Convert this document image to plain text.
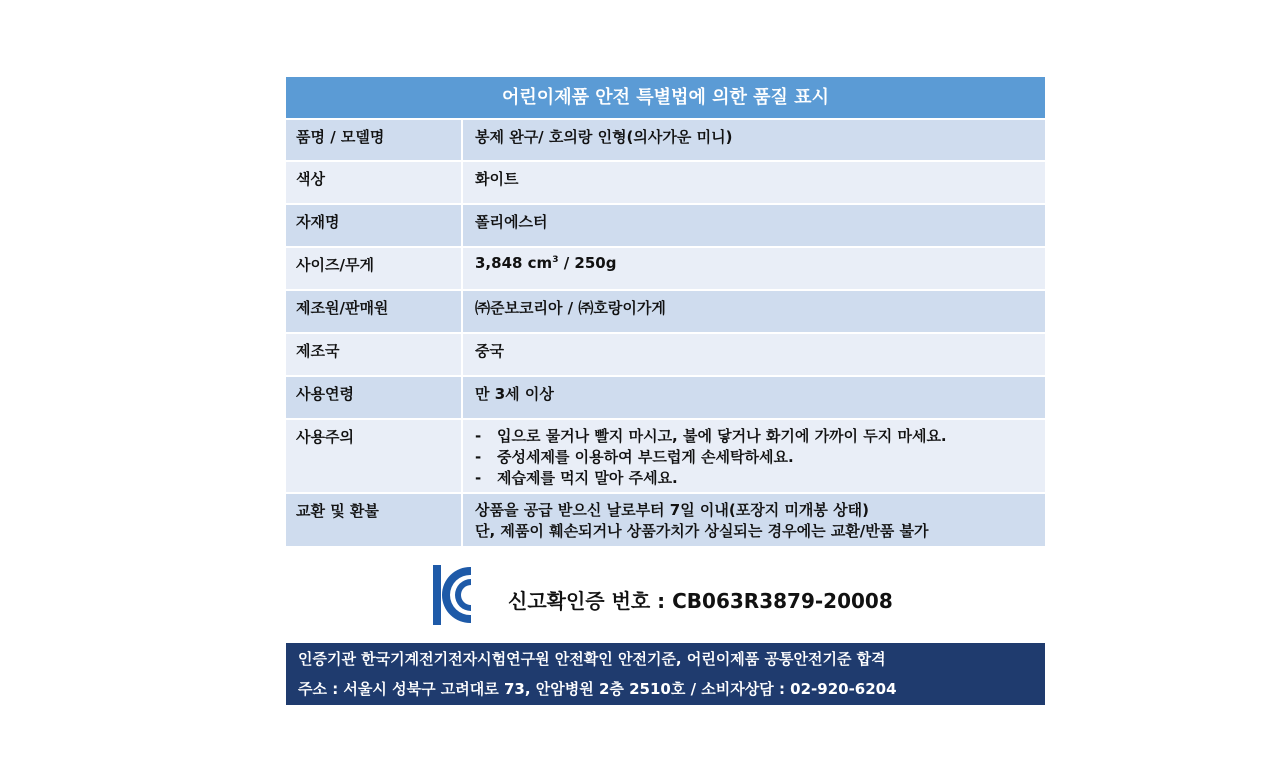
어린이제품 안전 특별법에 의한 품질 표시
품명 / 모델명	봉제 완구/ 호의랑 인형(의사가운 미니)
색상	화이트
자재명	폴리에스터
사이즈/무게	3,848 $cm^3 / 250g$
제조원/판매원	㈜준보코리아 / ㈜호랑이가게
제조국	중국
사용연령	만 3세 이상
사용주의	- 입으로 물거나 빨지 마시고, 불에 닿거나 화기에 가까이 두지 마세요.
- 중성세제를 이용하여 부드럽게 손세탁하세요.
- 제습제를 먹지 말아 주세요.

교환 및 환불	상품을 공급 받으신 날로부터 7일 이내(포장지 미개봉 상태)
단, 제품이 훼손되거나 상품가치가 상실되는 경우에는 교환/반품 불가
신고확인증 번호 : CB063R3879-20008
인증기관 한국기계전기전자시험연구원 안전확인 안전기준, 어린이제품 공통안전기준 합격
주소 : 서울시 성북구 고려대로 73, 안암병원 2층 2510호 / 소비자상담 : 02-920-6204
